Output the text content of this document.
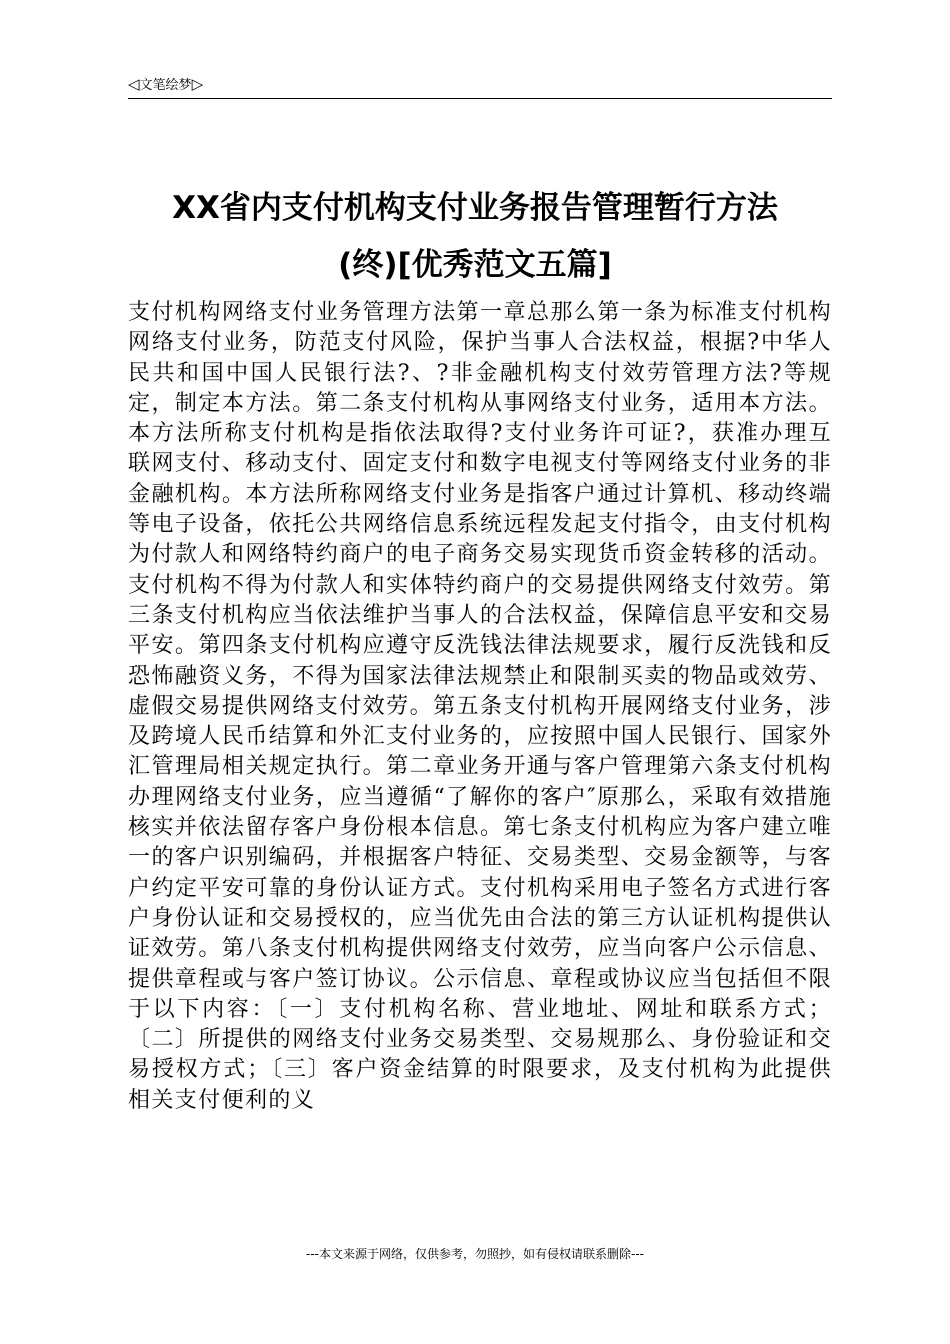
◁文笔绘梦▷
XX省内支付机构支付业务报告管理暂行方法
(终)[优秀范文五篇]

支付机构网络支付业务管理方法第一章总那么第一条为标准支付机构网络支付业务，防范支付风险，保护当事人合法权益，根据?中华人民共和国中国人民银行法?、?非金融机构支付效劳管理方法?等规定，制定本方法。第二条支付机构从事网络支付业务，适用本方法。本方法所称支付机构是指依法取得?支付业务许可证?，获准办理互联网支付、移动支付、固定支付和数字电视支付等网络支付业务的非金融机构。本方法所称网络支付业务是指客户通过计算机、移动终端等电子设备，依托公共网络信息系统远程发起支付指令，由支付机构为付款人和网络特约商户的电子商务交易实现货币资金转移的活动。支付机构不得为付款人和实体特约商户的交易提供网络支付效劳。第三条支付机构应当依法维护当事人的合法权益，保障信息平安和交易平安。第四条支付机构应遵守反洗钱法律法规要求，履行反洗钱和反恐怖融资义务，不得为国家法律法规禁止和限制买卖的物品或效劳、虚假交易提供网络支付效劳。第五条支付机构开展网络支付业务，涉及跨境人民币结算和外汇支付业务的，应按照中国人民银行、国家外汇管理局相关规定执行。第二章业务开通与客户管理第六条支付机构办理网络支付业务，应当遵循“了解你的客户″原那么，采取有效措施核实并依法留存客户身份根本信息。第七条支付机构应为客户建立唯一的客户识别编码，并根据客户特征、交易类型、交易金额等，与客户约定平安可靠的身份认证方式。支付机构采用电子签名方式进行客户身份认证和交易授权的，应当优先由合法的第三方认证机构提供认证效劳。第八条支付机构提供网络支付效劳，应当向客户公示信息、提供章程或与客户签订协议。公示信息、章程或协议应当包括但不限于以下内容：〔一〕支付机构名称、营业地址、网址和联系方式；〔二〕所提供的网络支付业务交易类型、交易规那么、身份验证和交易授权方式；〔三〕客户资金结算的时限要求，及支付机构为此提供相关支付便利的义

---本文来源于网络，仅供参考，勿照抄，如有侵权请联系删除---
